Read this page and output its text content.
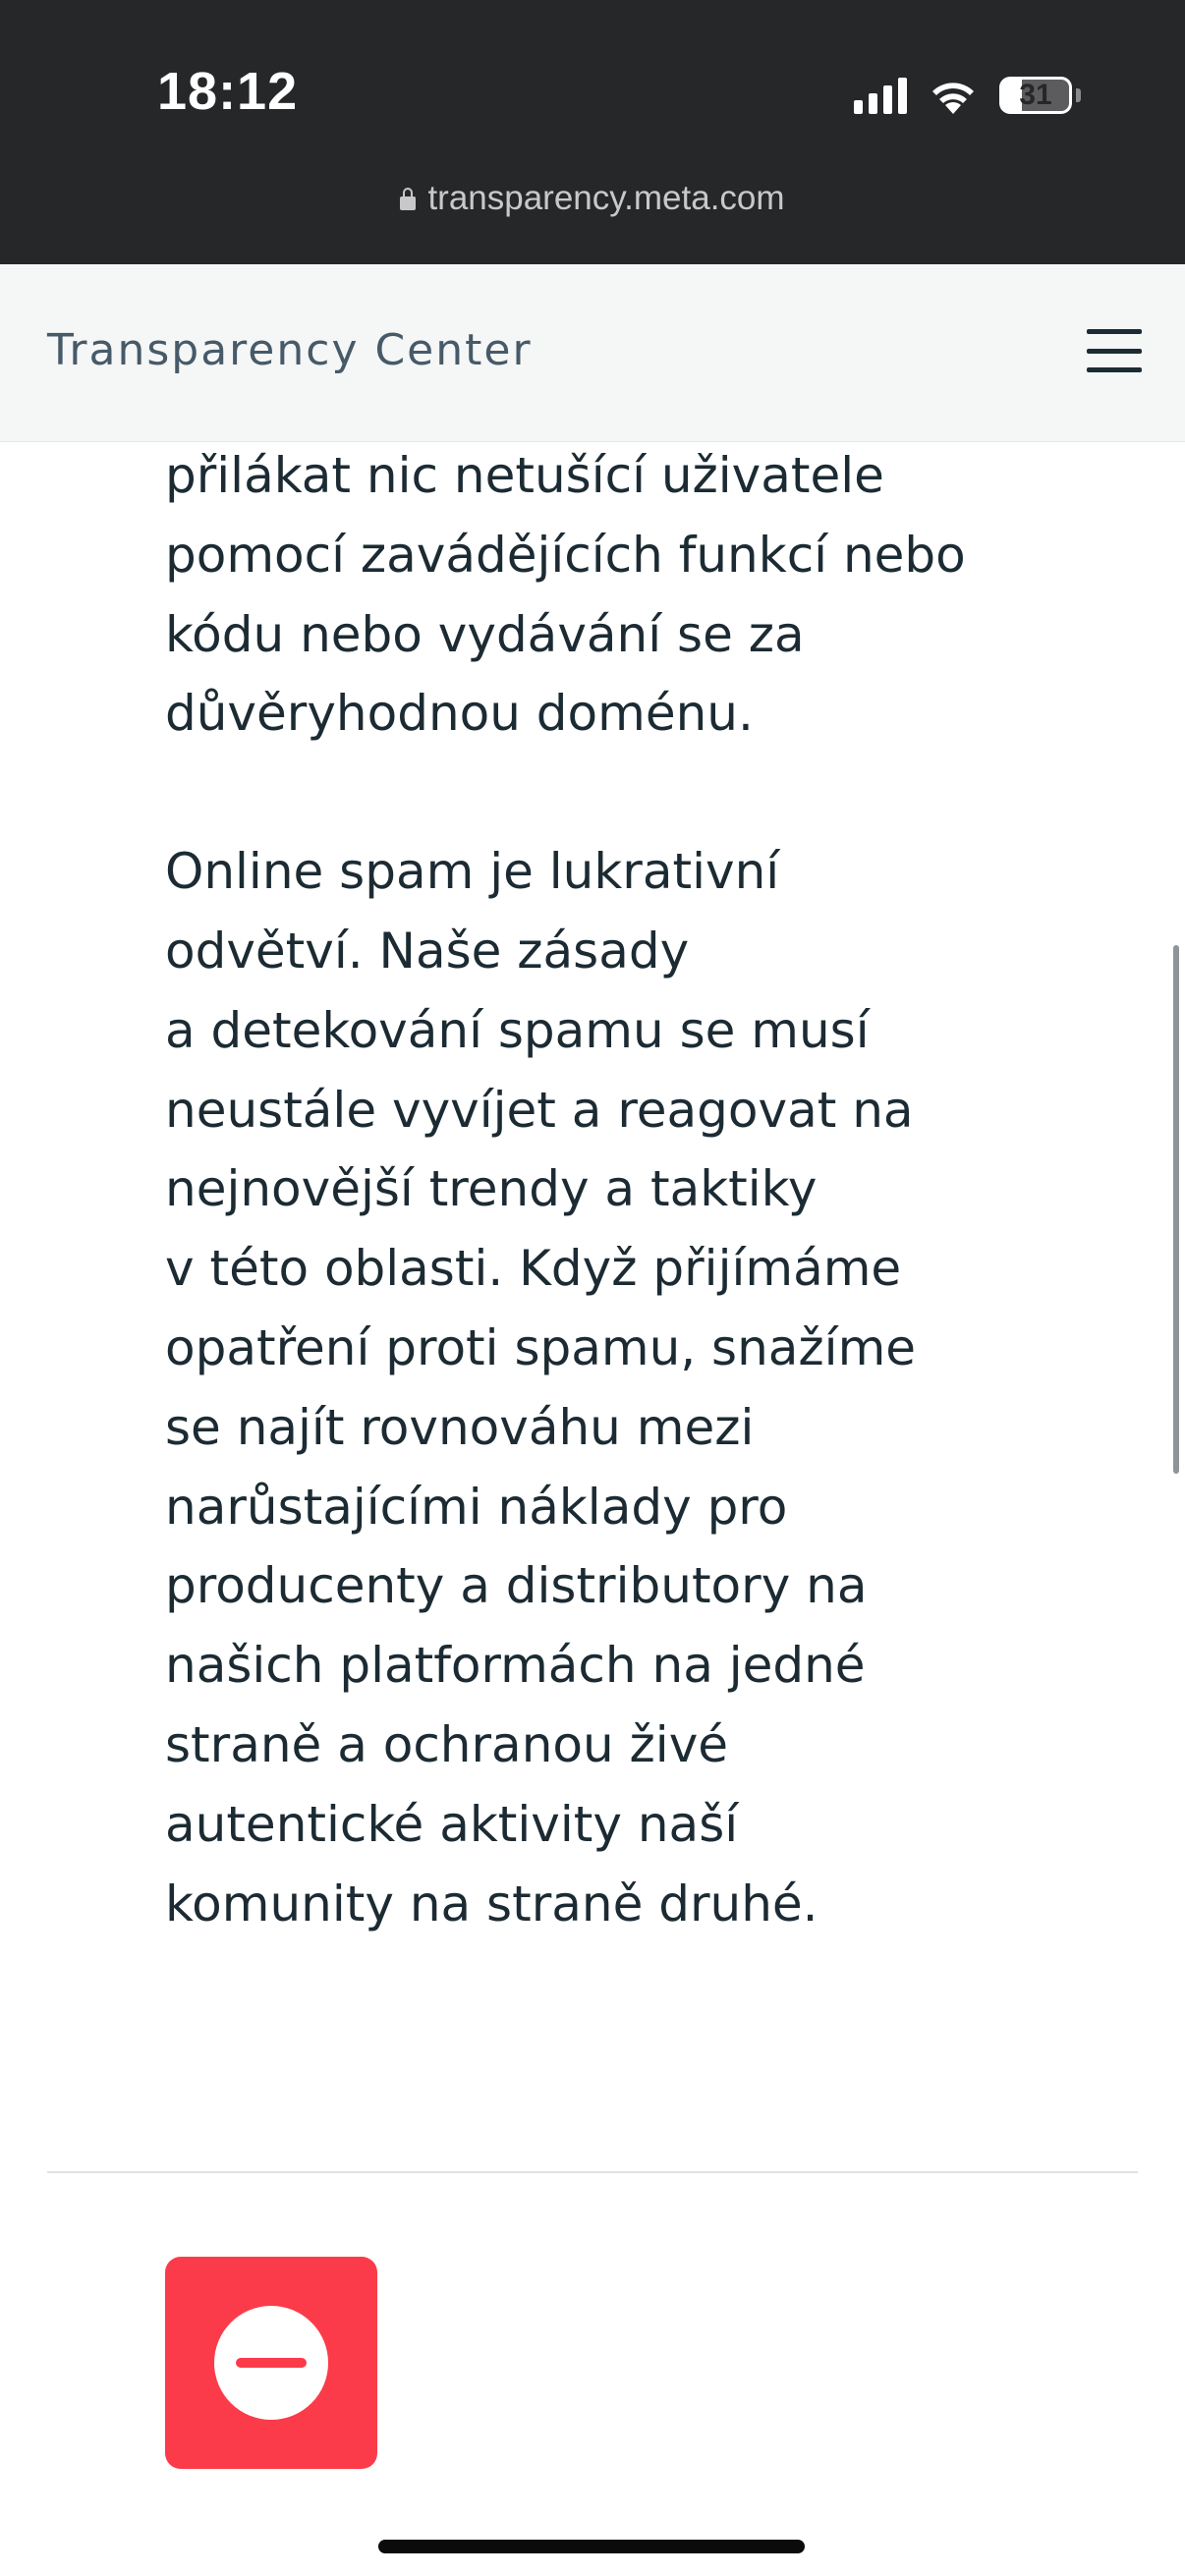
18:12	31
transparency.meta.com
Transparency Center

přilákat nic netušící uživatele
pomocí zavádějících funkcí nebo
kódu nebo vydávání se za
důvěryhodnou doménu.

Online spam je lukrativní
odvětví. Naše zásady
a detekování spamu se musí
neustále vyvíjet a reagovat na
nejnovější trendy a taktiky
v této oblasti. Když přijímáme
opatření proti spamu, snažíme
se najít rovnováhu mezi
narůstajícími náklady pro
producenty a distributory na
našich platformách na jedné
straně a ochranou živé
autentické aktivity naší
komunity na straně druhé.
